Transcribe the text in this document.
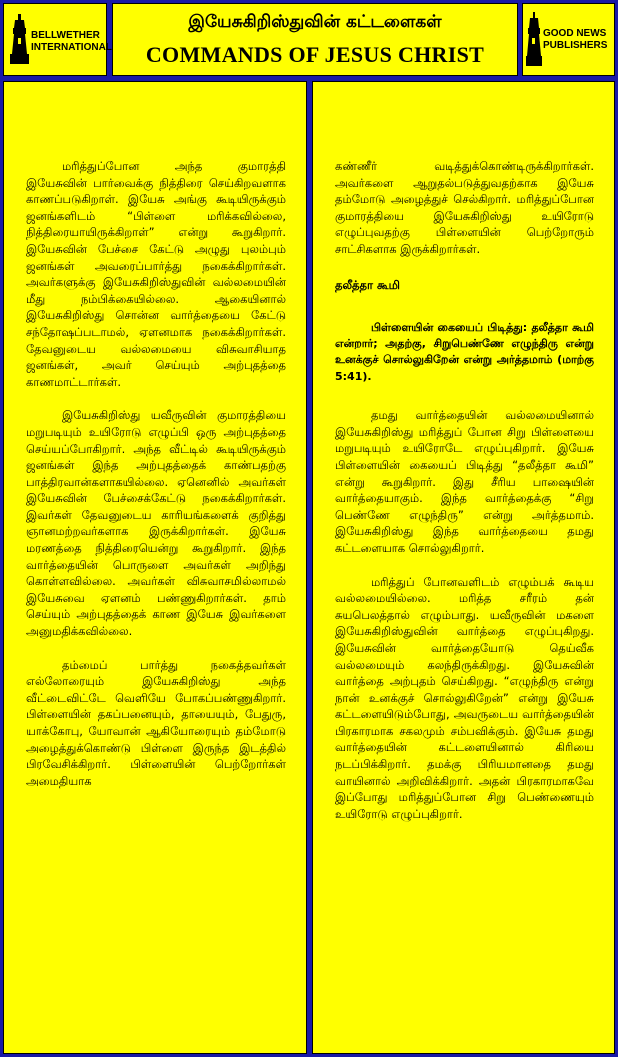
BELLWETHER
INTERNATIONAL
இயேசுகிறிஸ்துவின் கட்டளைகள்
COMMANDS OF JESUS CHRIST
GOOD NEWS
PUBLISHERS

மரித்துப்போன அந்த குமாரத்தி இயேசுவின் பார்வைக்கு நித்திரை செய்கிறவளாக காணப்படுகிறாள். இயேசு அங்கு கூடியிருக்கும் ஜனங்களிடம் “பிள்ளை மரிக்கவில்லை, நித்திரையாயிருக்கிறாள்” என்று கூறுகிறார். இயேசுவின் பேச்சை கேட்டு அழுது புலம்பும் ஜனங்கள் அவரைப்பார்த்து நகைக்கிறார்கள். அவர்களுக்கு இயேசுகிறிஸ்துவின் வல்லமையின் மீது நம்பிக்கையில்லை. ஆகையினால் இயேசுகிறிஸ்து சொன்ன வார்த்தையை கேட்டு சந்தோஷப்படாமல், ஏளனமாக நகைக்கிறார்கள். தேவனுடைய வல்லமையை விசுவாசியாத ஜனங்கள், அவர் செய்யும் அற்புதத்தை காணமாட்டார்கள்.

இயேசுகிறிஸ்து யவீருவின் குமாரத்தியை மறுபடியும் உயிரோடு எழுப்பி ஒரு அற்புதத்தை செய்யப்போகிறார். அந்த வீட்டில் கூடியிருக்கும் ஜனங்கள் இந்த அற்புதத்தைக் காண்பதற்கு பாத்திரவான்களாகயில்லை. ஏனெனில் அவர்கள் இயேசுவின் பேச்சைக்கேட்டு நகைக்கிறார்கள். இவர்கள் தேவனுடைய காரியங்களைக் குறித்து ஞானமற்றவர்களாக இருக்கிறார்கள். இயேசு மரணத்தை நித்திரையென்று கூறுகிறார். இந்த வார்த்தையின் பொருளை அவர்கள் அறிந்து கொள்ளவில்லை. அவர்கள் விசுவாசமில்லாமல் இயேசுவை ஏளனம் பண்ணுகிறார்கள். தாம் செய்யும் அற்புதத்தைக் காண இயேசு இவர்களை அனுமதிக்கவில்லை.

தம்மைப் பார்த்து நகைத்தவர்கள் எல்லோரையும் இயேசுகிறிஸ்து அந்த வீட்டைவிட்டே வெளியே போகப்பண்ணுகிறார். பிள்ளையின் தகப்பனையும், தாயையும், பேதுரு, யாக்கோபு, யோவான் ஆகியோரையும் தம்மோடு அழைத்துக்கொண்டு பிள்ளை இருந்த இடத்தில் பிரவேசிக்கிறார். பிள்ளையின் பெற்றோர்கள் அமைதியாக

கண்ணீர் வடித்துக்கொண்டிருக்கிறார்கள். அவர்களை ஆறுதல்படுத்துவதற்காக இயேசு தம்மோடு அழைத்துச் செல்கிறார். மரித்துப்போன குமாரத்தியை இயேசுகிறிஸ்து உயிரோடு எழுப்புவதற்கு பிள்ளையின் பெற்றோரும் சாட்சிகளாக இருக்கிறார்கள்.

தலீத்தா கூமி

பிள்ளையின் கையைப் பிடித்து: தலீத்தா கூமி என்றார்; அதற்கு, சிறுபெண்ணே எழுந்திரு என்று உனக்குச் சொல்லுகிறேன் என்று அர்த்தமாம் (மாற்கு 5:41).

தமது வார்த்தையின் வல்லமையினால் இயேசுகிறிஸ்து மரித்துப் போன சிறு பிள்ளையை மறுபடியும் உயிரோடே எழுப்புகிறார். இயேசு பிள்ளையின் கையைப் பிடித்து “தலீத்தா கூமி” என்று கூறுகிறார். இது சீரிய பாஷையின் வார்த்தையாகும். இந்த வார்த்தைக்கு “சிறு பெண்ணே எழுந்திரு” என்று அர்த்தமாம். இயேசுகிறிஸ்து இந்த வார்த்தையை தமது கட்டளையாக சொல்லுகிறார்.

மரித்துப் போனவளிடம் எழும்பக் கூடிய வல்லமையில்லை. மரித்த சரீரம் தன் சுயபெலத்தால் எழும்பாது. யவீருவின் மகளை இயேசுகிறிஸ்துவின் வார்த்தை எழுப்புகிறது. இயேசுவின் வார்த்தையோடு தெய்வீக வல்லமையும் கலந்திருக்கிறது. இயேசுவின் வார்த்தை அற்புதம் செய்கிறது. “எழுந்திரு என்று நான் உனக்குச் சொல்லுகிறேன்” என்று இயேசு கட்டளையிடும்போது, அவருடைய வார்த்தையின் பிரகாரமாக சகலமும் சம்பவிக்கும். இயேசு தமது வார்த்தையின் கட்டளையினால் கிரியை நடப்பிக்கிறார். தமக்கு பிரியமானதை தமது வாயினால் அறிவிக்கிறார். அதன் பிரகாரமாகவே இப்போது மரித்துப்போன சிறு பெண்ணையும் உயிரோடு எழுப்புகிறார்.
